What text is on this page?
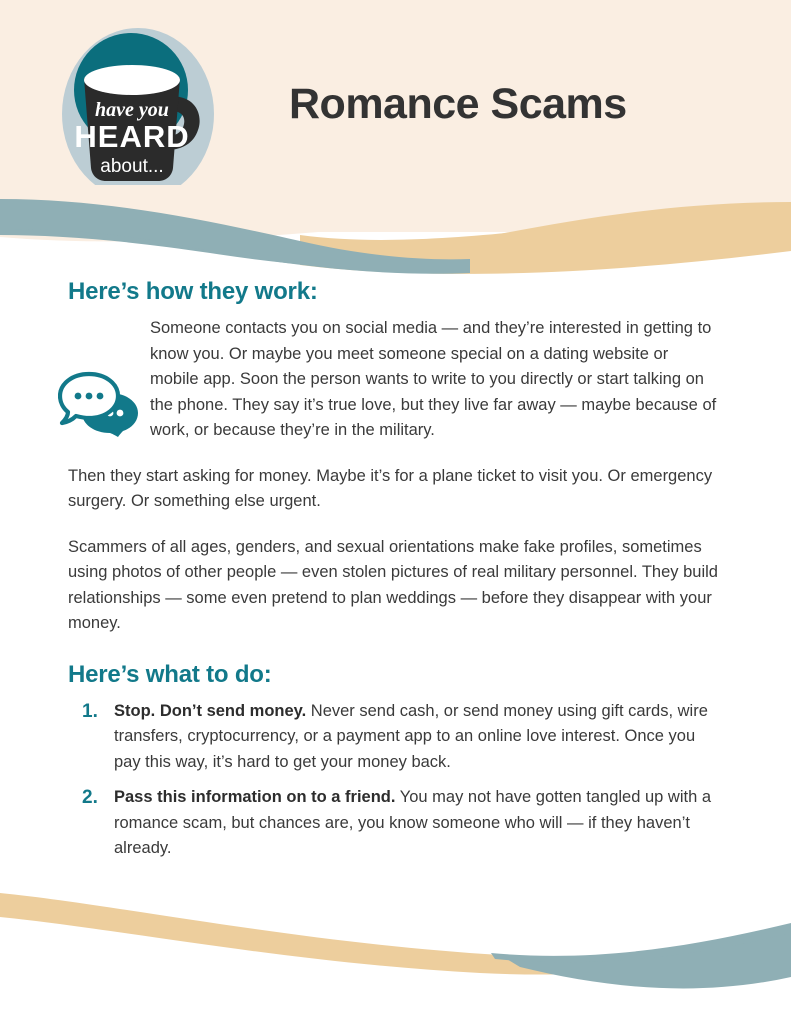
have you
HEARD
about...
Romance Scams
Here’s how they work:

Someone contacts you on social media — and they’re interested in getting to know you. Or maybe you meet someone special on a dating website or mobile app. Soon the person wants to write to you directly or start talking on the phone. They say it’s true love, but they live far away — maybe because of work, or because they’re in the military.

Then they start asking for money. Maybe it’s for a plane ticket to visit you. Or emergency surgery. Or something else urgent.

Scammers of all ages, genders, and sexual orientations make fake profiles, sometimes using photos of other people — even stolen pictures of real military personnel. They build relationships — some even pretend to plan weddings — before they disappear with your money.

Here’s what to do:
1. Stop. Don’t send money. Never send cash, or send money using gift cards, wire transfers, cryptocurrency, or a payment app to an online love interest. Once you pay this way, it’s hard to get your money back.
2. Pass this information on to a friend. You may not have gotten tangled up with a romance scam, but chances are, you know someone who will — if they haven’t already.
